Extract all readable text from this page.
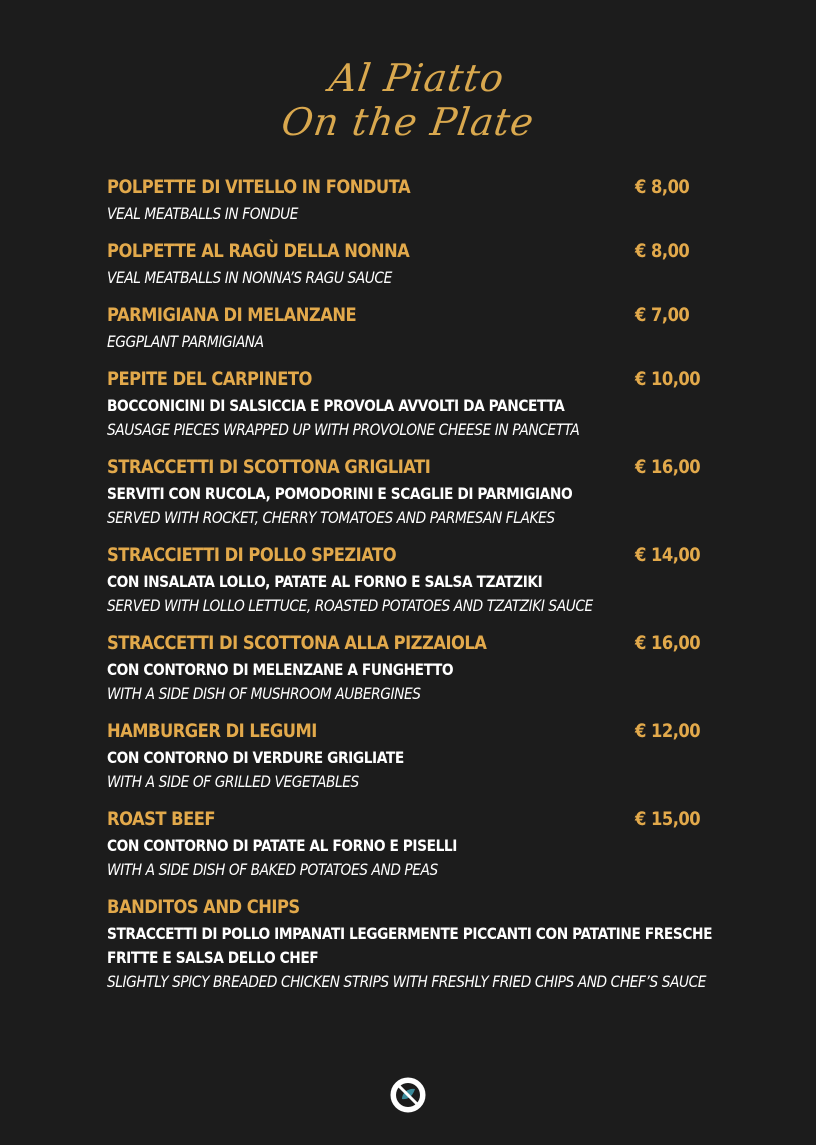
Al Piatto
On the Plate
POLPETTE DI VITELLO IN FONDUTA	€ 8,00
VEAL MEATBALLS IN FONDUE
POLPETTE AL RAGÙ DELLA NONNA	€ 8,00
VEAL MEATBALLS IN NONNA’S RAGU SAUCE
PARMIGIANA DI MELANZANE	€ 7,00
EGGPLANT PARMIGIANA
PEPITE DEL CARPINETO	€ 10,00
BOCCONICINI DI SALSICCIA E PROVOLA AVVOLTI DA PANCETTA
SAUSAGE PIECES WRAPPED UP WITH PROVOLONE CHEESE IN PANCETTA
STRACCETTI DI SCOTTONA GRIGLIATI	€ 16,00
SERVITI CON RUCOLA, POMODORINI E SCAGLIE DI PARMIGIANO
SERVED WITH ROCKET, CHERRY TOMATOES AND PARMESAN FLAKES
STRACCIETTI DI POLLO SPEZIATO	€ 14,00
CON INSALATA LOLLO, PATATE AL FORNO E SALSA TZATZIKI
SERVED WITH LOLLO LETTUCE, ROASTED POTATOES AND TZATZIKI SAUCE
STRACCETTI DI SCOTTONA ALLA PIZZAIOLA	€ 16,00
CON CONTORNO DI MELENZANE A FUNGHETTO
WITH A SIDE DISH OF MUSHROOM AUBERGINES
HAMBURGER DI LEGUMI	€ 12,00
CON CONTORNO DI VERDURE GRIGLIATE
WITH A SIDE OF GRILLED VEGETABLES
ROAST BEEF	€ 15,00
CON CONTORNO DI PATATE AL FORNO E PISELLI
WITH A SIDE DISH OF BAKED POTATOES AND PEAS
BANDITOS AND CHIPS
STRACCETTI DI POLLO IMPANATI LEGGERMENTE PICCANTI CON PATATINE FRESCHE FRITTE E SALSA DELLO CHEF
SLIGHTLY SPICY BREADED CHICKEN STRIPS WITH FRESHLY FRIED CHIPS AND CHEF’S SAUCE
